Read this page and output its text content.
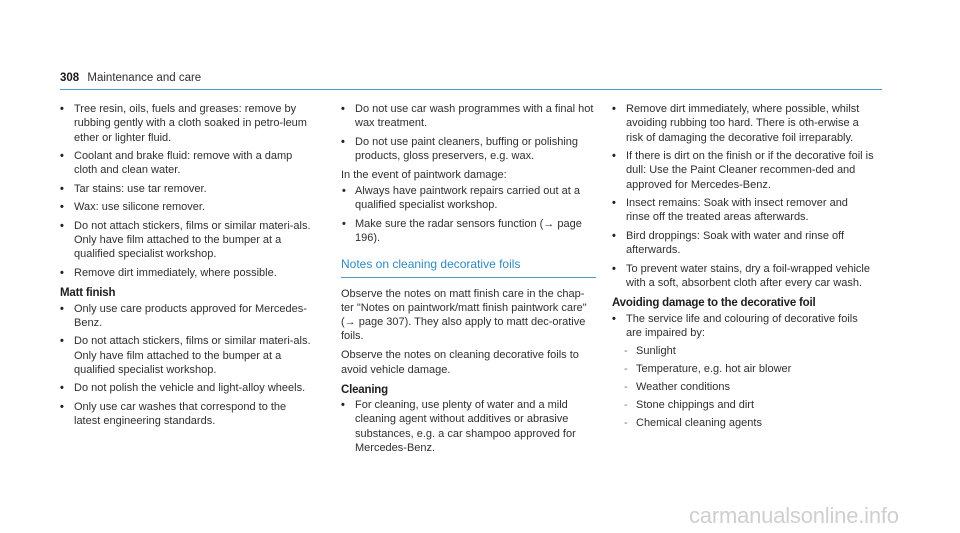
308 Maintenance and care
• Tree resin, oils, fuels and greases: remove by rubbing gently with a cloth soaked in petro-leum ether or lighter fluid.
• Coolant and brake fluid: remove with a damp cloth and clean water.
• Tar stains: use tar remover.
• Wax: use silicone remover.
• Do not attach stickers, films or similar materi-als. Only have film attached to the bumper at a qualified specialist workshop.
• Remove dirt immediately, where possible.
Matt finish
• Only use care products approved for Mercedes-Benz.
• Do not attach stickers, films or similar materi-als. Only have film attached to the bumper at a qualified specialist workshop.
• Do not polish the vehicle and light-alloy wheels.
• Only use car washes that correspond to the latest engineering standards.
• Do not use car wash programmes with a final hot wax treatment.
• Do not use paint cleaners, buffing or polishing products, gloss preservers, e.g. wax.

In the event of paintwork damage:

• Always have paintwork repairs carried out at a qualified specialist workshop.
• Make sure the radar sensors function (→ page 196).
Notes on cleaning decorative foils

Observe the notes on matt finish care in the chap-ter "Notes on paintwork/matt finish paintwork care" (→ page 307). They also apply to matt dec-orative foils.

Observe the notes on cleaning decorative foils to avoid vehicle damage.

Cleaning
• For cleaning, use plenty of water and a mild cleaning agent without additives or abrasive substances, e.g. a car shampoo approved for Mercedes-Benz.
• Remove dirt immediately, where possible, whilst avoiding rubbing too hard. There is oth-erwise a risk of damaging the decorative foil irreparably.
• If there is dirt on the finish or if the decorative foil is dull: Use the Paint Cleaner recommen-ded and approved for Mercedes-Benz.
• Insect remains: Soak with insect remover and rinse off the treated areas afterwards.
• Bird droppings: Soak with water and rinse off afterwards.
• To prevent water stains, dry a foil-wrapped vehicle with a soft, absorbent cloth after every car wash.
Avoiding damage to the decorative foil
• The service life and colouring of decorative foils are impaired by:
- Sunlight
- Temperature, e.g. hot air blower
- Weather conditions
- Stone chippings and dirt
- Chemical cleaning agents
carmanualsonline.info
